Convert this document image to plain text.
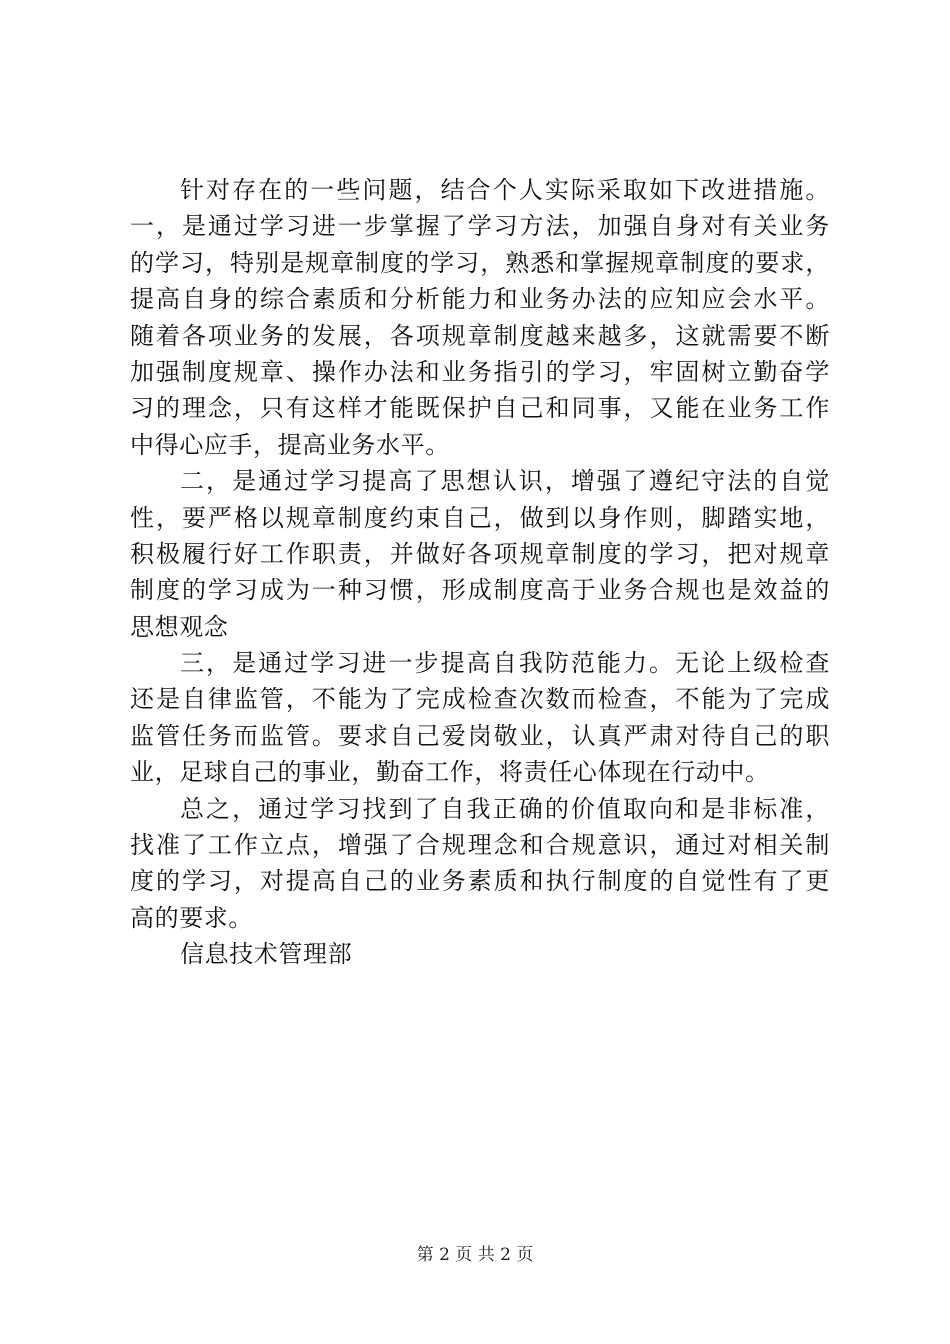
针对存在的一些问题，结合个人实际采取如下改进措施。
一，是通过学习进一步掌握了学习方法，加强自身对有关业务
的学习，特别是规章制度的学习，熟悉和掌握规章制度的要求，
提高自身的综合素质和分析能力和业务办法的应知应会水平。
随着各项业务的发展，各项规章制度越来越多，这就需要不断
加强制度规章、操作办法和业务指引的学习，牢固树立勤奋学
习的理念，只有这样才能既保护自己和同事，又能在业务工作
中得心应手，提高业务水平。
二，是通过学习提高了思想认识，增强了遵纪守法的自觉
性，要严格以规章制度约束自己，做到以身作则，脚踏实地，
积极履行好工作职责，并做好各项规章制度的学习，把对规章
制度的学习成为一种习惯，形成制度高于业务合规也是效益的
思想观念
三，是通过学习进一步提高自我防范能力。无论上级检查
还是自律监管，不能为了完成检查次数而检查，不能为了完成
监管任务而监管。要求自己爱岗敬业，认真严肃对待自己的职
业，足球自己的事业，勤奋工作，将责任心体现在行动中。
总之，通过学习找到了自我正确的价值取向和是非标准，
找准了工作立点，增强了合规理念和合规意识，通过对相关制
度的学习，对提高自己的业务素质和执行制度的自觉性有了更
高的要求。
信息技术管理部
第 2 页 共 2 页
